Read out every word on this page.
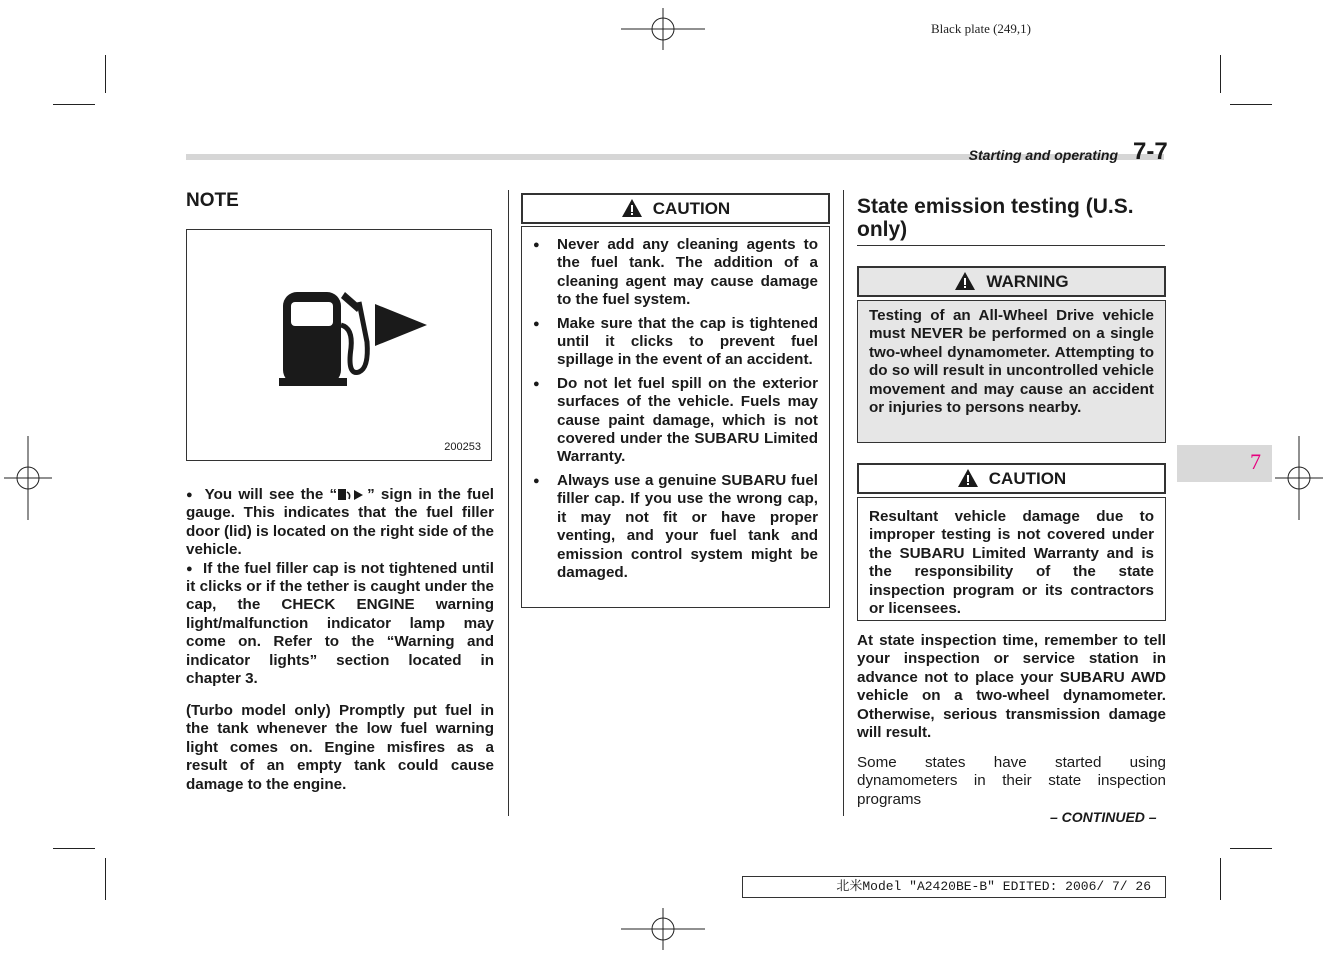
Black plate (249,1)
Starting and operating 7-7
7
NOTE
200253
● You will see the “ ” sign in the fuel gauge. This indicates that the fuel filler door (lid) is located on the right side of the vehicle.
● If the fuel filler cap is not tightened until it clicks or if the tether is caught under the cap, the CHECK ENGINE warning light/malfunction indicator lamp may come on. Refer to the “Warning and indicator lights” section located in chapter 3.
(Turbo model only) Promptly put fuel in the tank whenever the low fuel warning light comes on. Engine misfires as a result of an empty tank could cause damage to the engine.
CAUTION
● Never add any cleaning agents to the fuel tank. The addition of a cleaning agent may cause damage to the fuel system.
● Make sure that the cap is tightened until it clicks to prevent fuel spillage in the event of an accident.
● Do not let fuel spill on the exterior surfaces of the vehicle. Fuels may cause paint damage, which is not covered under the SUBARU Limited Warranty.
● Always use a genuine SUBARU fuel filler cap. If you use the wrong cap, it may not fit or have proper venting, and your fuel tank and emission control system might be damaged.
State emission testing (U.S. only)
WARNING
Testing of an All-Wheel Drive vehicle must NEVER be performed on a single two-wheel dynamometer. Attempting to do so will result in uncontrolled vehicle movement and may cause an accident or injuries to persons nearby.
CAUTION
Resultant vehicle damage due to improper testing is not covered under the SUBARU Limited Warranty and is the responsibility of the state inspection program or its contractors or licensees.
At state inspection time, remember to tell your inspection or service station in advance not to place your SUBARU AWD vehicle on a two-wheel dynamometer. Otherwise, serious transmission damage will result.
Some states have started using dynamometers in their state inspection programs
– CONTINUED –
北米Model "A2420BE-B" EDITED: 2006/ 7/ 26
